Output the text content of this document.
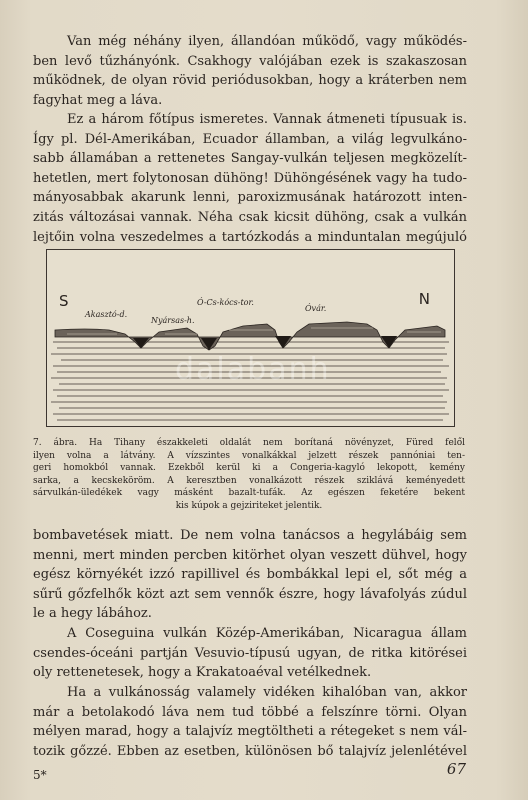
Van még néhány ilyen, állandóan működő, vagy működés-
ben levő tűzhányónk. Csakhogy valójában ezek is szakaszosan
működnek, de olyan rövid periódusokban, hogy a kráterben nem
fagyhat meg a láva.
Ez a három főtípus ismeretes. Vannak átmeneti típusuak is.
Így pl. Dél-Amerikában, Ecuador államban, a világ legvulkáno-
sabb államában a rettenetes Sangay-vulkán teljesen megközelít-
hetetlen, mert folytonosan dühöng! Dühöngésének vagy ha tudo-
mányosabbak akarunk lenni, paroxizmusának határozott inten-
zitás változásai vannak. Néha csak kicsit dühöng, csak a vulkán
lejtőin volna veszedelmes a tartózkodás a minduntalan megújuló
S	N
Akasztó-d.
Nyársas-h.
Ó-Cs-kócs-tor.
Óvár.
dalabanh
7. ábra. Ha Tihany északkeleti oldalát nem borítaná növényzet, Füred felől
ilyen volna a látvány. A vízszintes vonalkákkal jelzett részek pannóniai ten-
geri homokból vannak. Ezekből kerül ki a Congeria-kagyló lekopott, kemény
sarka, a kecskeköröm. A keresztben vonalkázott részek sziklává keményedett
sárvulkán-üledékek vagy másként bazalt-tufák. Az egészen feketére bekent
kis kúpok a gejziriteket jelentik.
bombavetések miatt. De nem volna tanácsos a hegylábáig sem
menni, mert minden percben kitörhet olyan veszett dühvel, hogy
egész környékét izzó rapillivel és bombákkal lepi el, sőt még a
sűrű gőzfelhők közt azt sem vennők észre, hogy lávafolyás zúdul
le a hegy lábához.
A Coseguina vulkán Közép-Amerikában, Nicaragua állam
csendes-óceáni partján Vesuvio-típusú ugyan, de ritka kitörései
oly rettenetesek, hogy a Krakatoaéval vetélkednek.
Ha a vulkánosság valamely vidéken kihalóban van, akkor
már a betolakodó láva nem tud többé a felszínre törni. Olyan
mélyen marad, hogy a talajvíz megtöltheti a rétegeket s nem vál-
tozik gőzzé. Ebben az esetben, különösen bő talajvíz jelenlétével
5*	67
